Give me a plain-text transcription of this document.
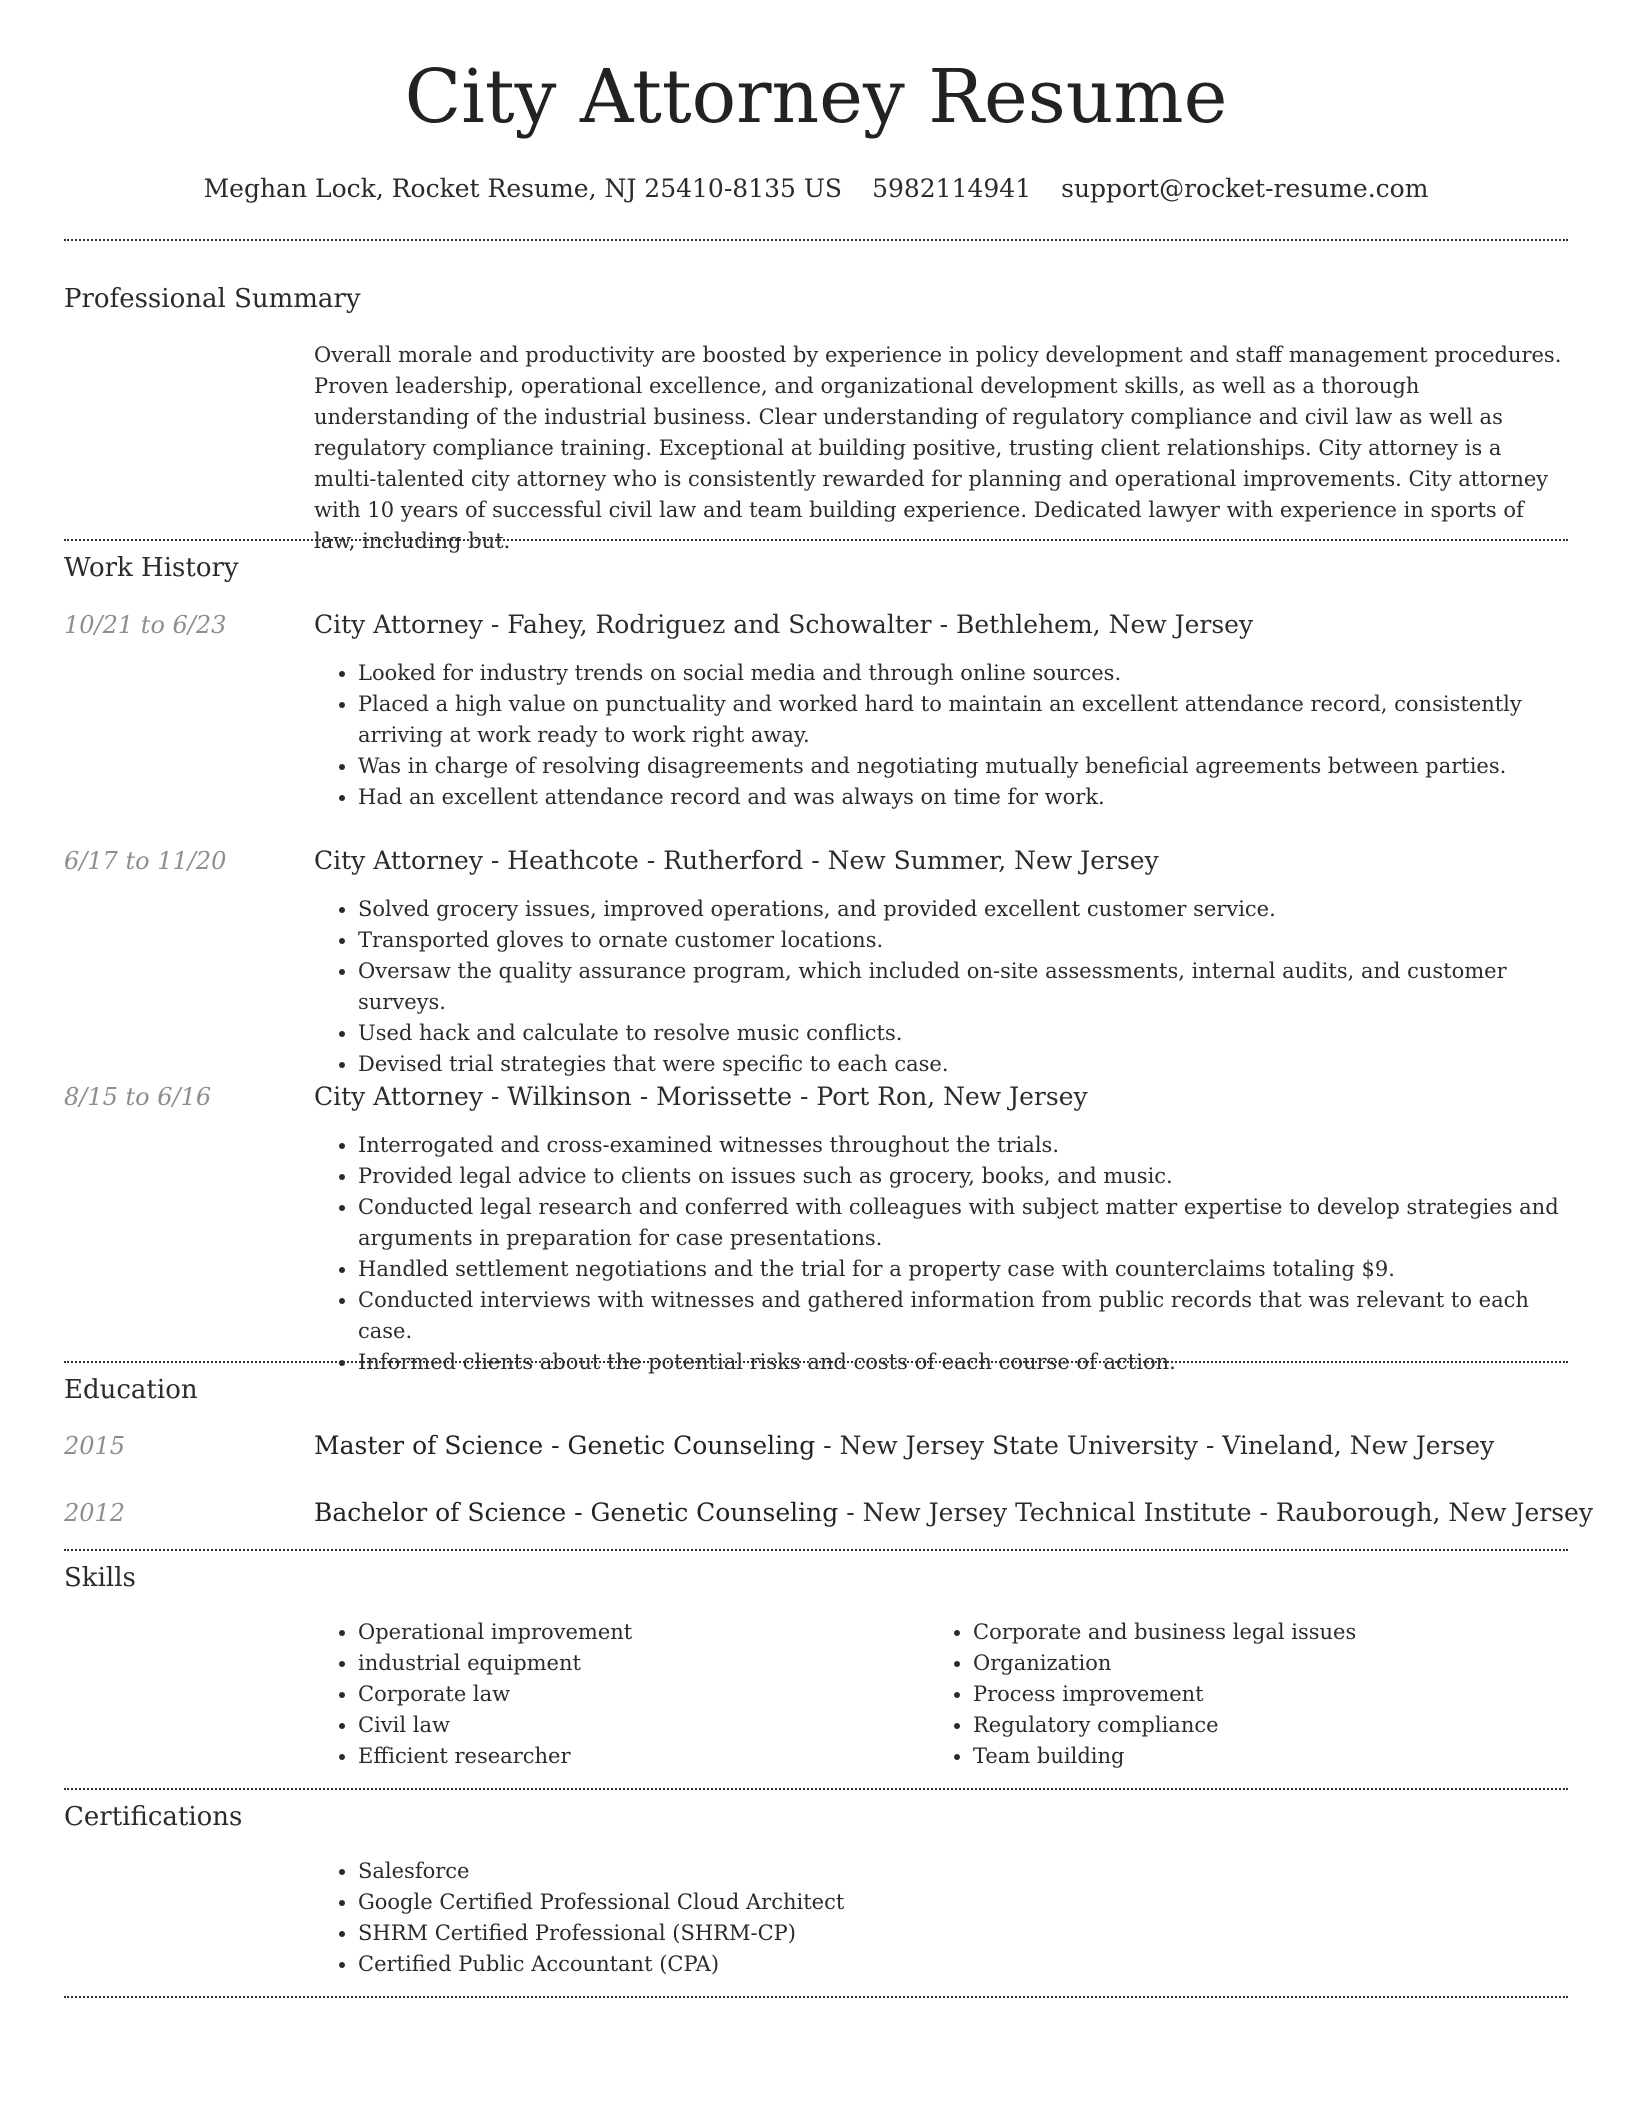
City Attorney Resume
Meghan Lock, Rocket Resume, NJ 25410-8135 US 5982114941 support@rocket-resume.com
Professional Summary

Overall morale and productivity are boosted by experience in policy development and staff management procedures. Proven leadership, operational excellence, and organizational development skills, as well as a thorough understanding of the industrial business. Clear understanding of regulatory compliance and civil law as well as regulatory compliance training. Exceptional at building positive, trusting client relationships. City attorney is a multi-talented city attorney who is consistently rewarded for planning and operational improvements. City attorney with 10 years of successful civil law and team building experience. Dedicated lawyer with experience in sports of law, including but.

Work History
10/21 to 6/23	City Attorney - Fahey, Rodriguez and Schowalter - Bethlehem, New Jersey
• Looked for industry trends on social media and through online sources.
• Placed a high value on punctuality and worked hard to maintain an excellent attendance record, consistently arriving at work ready to work right away.
• Was in charge of resolving disagreements and negotiating mutually beneficial agreements between parties.
• Had an excellent attendance record and was always on time for work.
6/17 to 11/20	City Attorney - Heathcote - Rutherford - New Summer, New Jersey
• Solved grocery issues, improved operations, and provided excellent customer service.
• Transported gloves to ornate customer locations.
• Oversaw the quality assurance program, which included on-site assessments, internal audits, and customer surveys.
• Used hack and calculate to resolve music conflicts.
• Devised trial strategies that were specific to each case.
8/15 to 6/16	City Attorney - Wilkinson - Morissette - Port Ron, New Jersey
• Interrogated and cross-examined witnesses throughout the trials.
• Provided legal advice to clients on issues such as grocery, books, and music.
• Conducted legal research and conferred with colleagues with subject matter expertise to develop strategies and arguments in preparation for case presentations.
• Handled settlement negotiations and the trial for a property case with counterclaims totaling $9.
• Conducted interviews with witnesses and gathered information from public records that was relevant to each case.
• Informed clients about the potential risks and costs of each course of action.
Education
2015	Master of Science - Genetic Counseling - New Jersey State University - Vineland, New Jersey
2012	Bachelor of Science - Genetic Counseling - New Jersey Technical Institute - Rauborough, New Jersey
Skills
• Operational improvement
• industrial equipment
• Corporate law
• Civil law
• Efficient researcher
• Corporate and business legal issues
• Organization
• Process improvement
• Regulatory compliance
• Team building
Certifications
• Salesforce
• Google Certified Professional Cloud Architect
• SHRM Certified Professional (SHRM-CP)
• Certified Public Accountant (CPA)
